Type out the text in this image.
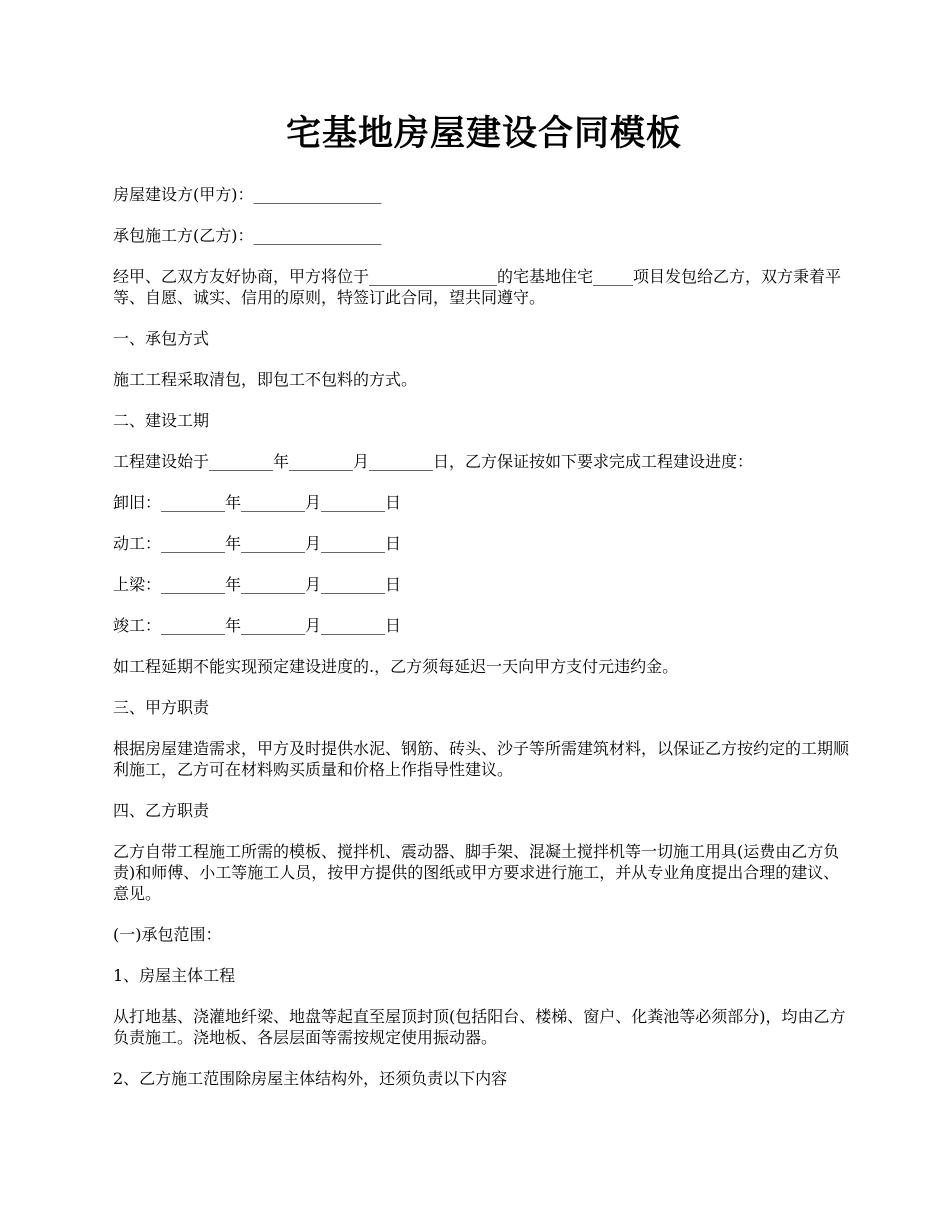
宅基地房屋建设合同模板

房屋建设方(甲方)：________________

承包施工方(乙方)：________________

经甲、乙双方友好协商，甲方将位于________________的宅基地住宅_____项目发包给乙方，双方秉着平等、自愿、诚实、信用的原则，特签订此合同，望共同遵守。

一、承包方式

施工工程采取清包，即包工不包料的方式。

二、建设工期

工程建设始于________年________月________日，乙方保证按如下要求完成工程建设进度：

卸旧：________年________月________日

动工：________年________月________日

上梁：________年________月________日

竣工：________年________月________日

如工程延期不能实现预定建设进度的.，乙方须每延迟一天向甲方支付元违约金。

三、甲方职责

根据房屋建造需求，甲方及时提供水泥、钢筋、砖头、沙子等所需建筑材料，以保证乙方按约定的工期顺利施工，乙方可在材料购买质量和价格上作指导性建议。

四、乙方职责

乙方自带工程施工所需的模板、搅拌机、震动器、脚手架、混凝土搅拌机等一切施工用具(运费由乙方负责)和师傅、小工等施工人员，按甲方提供的图纸或甲方要求进行施工，并从专业角度提出合理的建议、意见。

(一)承包范围：

1、房屋主体工程

从打地基、浇灌地纤梁、地盘等起直至屋顶封顶(包括阳台、楼梯、窗户、化粪池等必须部分)，均由乙方负责施工。浇地板、各层层面等需按规定使用振动器。

2、乙方施工范围除房屋主体结构外，还须负责以下内容
